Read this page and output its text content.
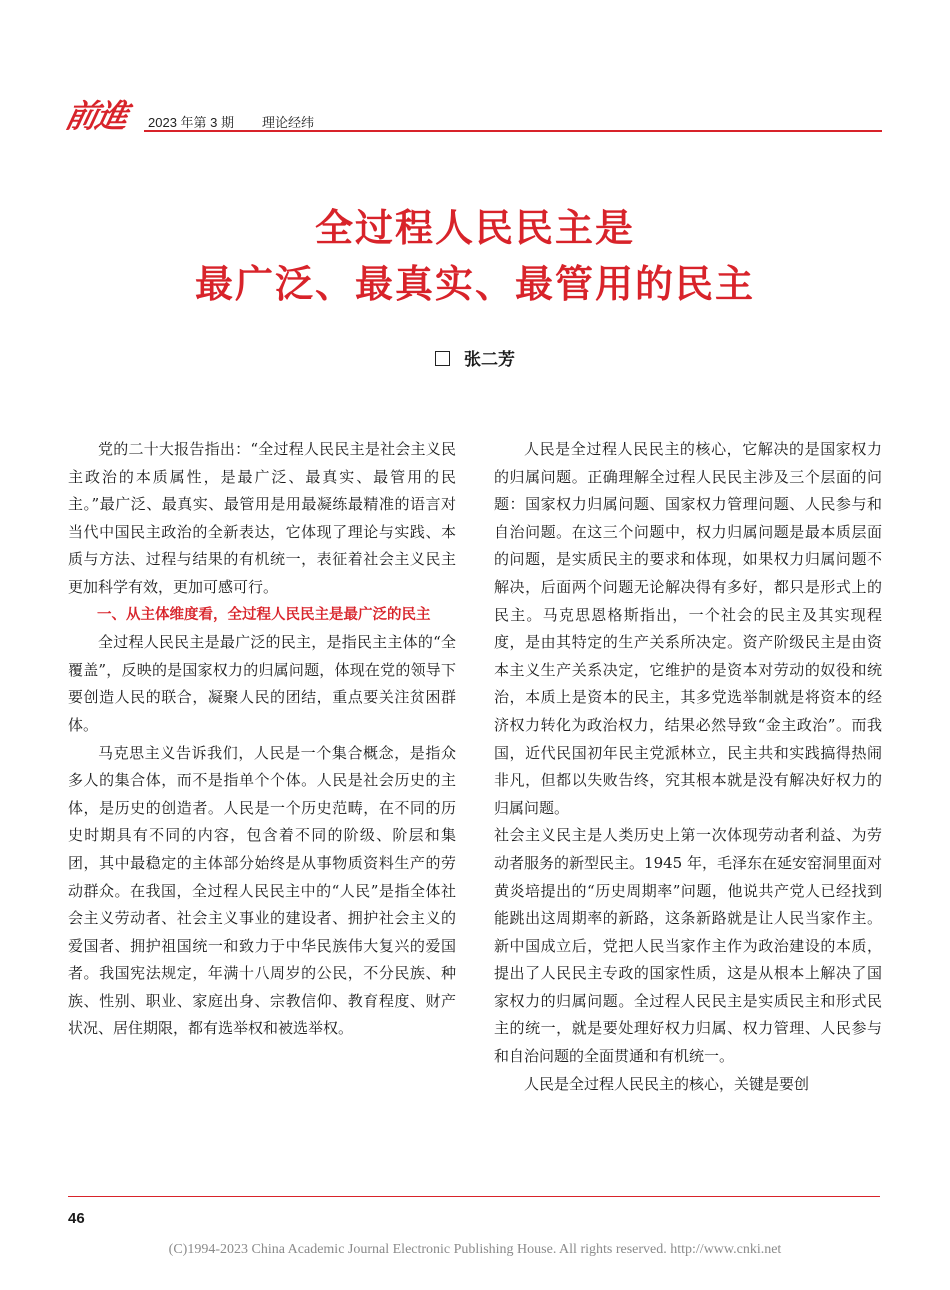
前進	2023 年第 3 期 理论经纬
全过程人民民主是
最广泛、最真实、最管用的民主
张二芳

党的二十大报告指出：“全过程人民民主是社会主义民主政治的本质属性，是最广泛、最真实、最管用的民主。”最广泛、最真实、最管用是用最凝练最精准的语言对当代中国民主政治的全新表达，它体现了理论与实践、本质与方法、过程与结果的有机统一，表征着社会主义民主更加科学有效，更加可感可行。

一、从主体维度看，全过程人民民主是最广泛的民主

全过程人民民主是最广泛的民主，是指民主主体的“全覆盖”，反映的是国家权力的归属问题，体现在党的领导下要创造人民的联合，凝聚人民的团结，重点要关注贫困群体。

马克思主义告诉我们，人民是一个集合概念，是指众多人的集合体，而不是指单个个体。人民是社会历史的主体，是历史的创造者。人民是一个历史范畴，在不同的历史时期具有不同的内容，包含着不同的阶级、阶层和集团，其中最稳定的主体部分始终是从事物质资料生产的劳动群众。在我国，全过程人民民主中的“人民”是指全体社会主义劳动者、社会主义事业的建设者、拥护社会主义的爱国者、拥护祖国统一和致力于中华民族伟大复兴的爱国者。我国宪法规定，年满十八周岁的公民，不分民族、种族、性别、职业、家庭出身、宗教信仰、教育程度、财产状况、居住期限，都有选举权和被选举权。

人民是全过程人民民主的核心，它解决的是国家权力的归属问题。正确理解全过程人民民主涉及三个层面的问题：国家权力归属问题、国家权力管理问题、人民参与和自治问题。在这三个问题中，权力归属问题是最本质层面的问题，是实质民主的要求和体现，如果权力归属问题不解决，后面两个问题无论解决得有多好，都只是形式上的民主。马克思恩格斯指出，一个社会的民主及其实现程度，是由其特定的生产关系所决定。资产阶级民主是由资本主义生产关系决定，它维护的是资本对劳动的奴役和统治，本质上是资本的民主，其多党选举制就是将资本的经济权力转化为政治权力，结果必然导致“金主政治”。而我国，近代民国初年民主党派林立，民主共和实践搞得热闹非凡，但都以失败告终，究其根本就是没有解决好权力的归属问题。

社会主义民主是人类历史上第一次体现劳动者利益、为劳动者服务的新型民主。1945 年，毛泽东在延安窑洞里面对黄炎培提出的“历史周期率”问题，他说共产党人已经找到能跳出这周期率的新路，这条新路就是让人民当家作主。新中国成立后，党把人民当家作主作为政治建设的本质，提出了人民民主专政的国家性质，这是从根本上解决了国家权力的归属问题。全过程人民民主是实质民主和形式民主的统一，就是要处理好权力归属、权力管理、人民参与和自治问题的全面贯通和有机统一。

人民是全过程人民民主的核心，关键是要创

46
(C)1994-2023 China Academic Journal Electronic Publishing House. All rights reserved. http://www.cnki.net
